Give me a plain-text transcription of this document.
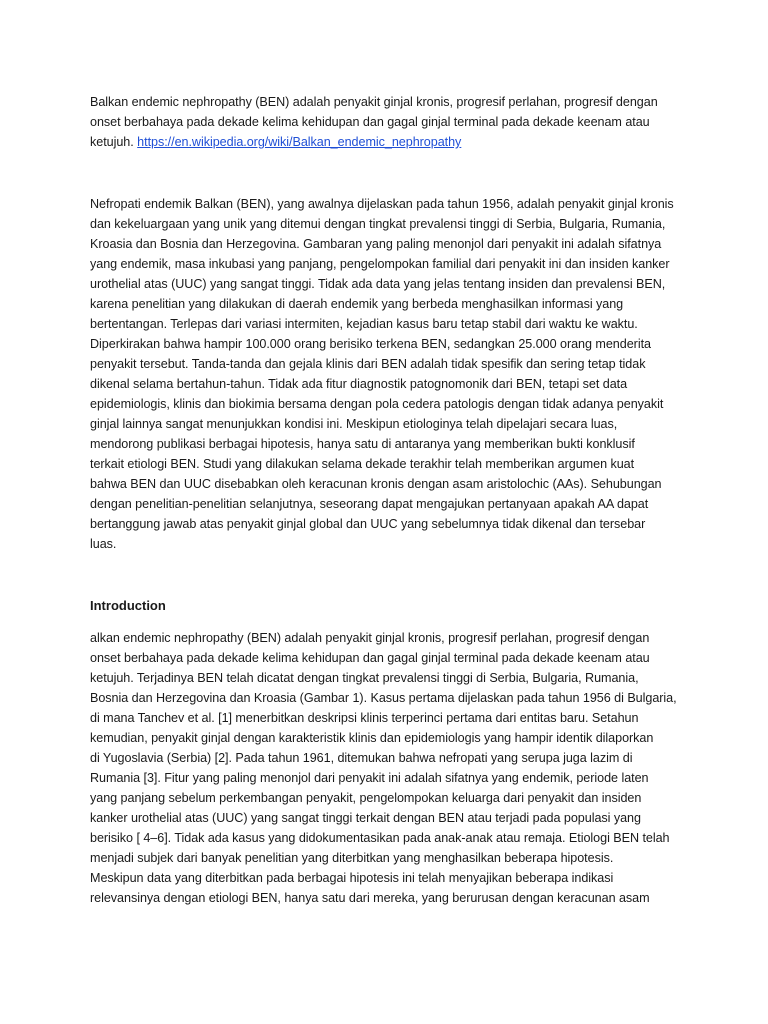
Balkan endemic nephropathy (BEN) adalah penyakit ginjal kronis, progresif perlahan, progresif dengan
onset berbahaya pada dekade kelima kehidupan dan gagal ginjal terminal pada dekade keenam atau
ketujuh. https://en.wikipedia.org/wiki/Balkan_endemic_nephropathy

Nefropati endemik Balkan (BEN), yang awalnya dijelaskan pada tahun 1956, adalah penyakit ginjal kronis
dan kekeluargaan yang unik yang ditemui dengan tingkat prevalensi tinggi di Serbia, Bulgaria, Rumania,
Kroasia dan Bosnia dan Herzegovina. Gambaran yang paling menonjol dari penyakit ini adalah sifatnya
yang endemik, masa inkubasi yang panjang, pengelompokan familial dari penyakit ini dan insiden kanker
urothelial atas (UUC) yang sangat tinggi. Tidak ada data yang jelas tentang insiden dan prevalensi BEN,
karena penelitian yang dilakukan di daerah endemik yang berbeda menghasilkan informasi yang
bertentangan. Terlepas dari variasi intermiten, kejadian kasus baru tetap stabil dari waktu ke waktu.
Diperkirakan bahwa hampir 100.000 orang berisiko terkena BEN, sedangkan 25.000 orang menderita
penyakit tersebut. Tanda-tanda dan gejala klinis dari BEN adalah tidak spesifik dan sering tetap tidak
dikenal selama bertahun-tahun. Tidak ada fitur diagnostik patognomonik dari BEN, tetapi set data
epidemiologis, klinis dan biokimia bersama dengan pola cedera patologis dengan tidak adanya penyakit
ginjal lainnya sangat menunjukkan kondisi ini. Meskipun etiologinya telah dipelajari secara luas,
mendorong publikasi berbagai hipotesis, hanya satu di antaranya yang memberikan bukti konklusif
terkait etiologi BEN. Studi yang dilakukan selama dekade terakhir telah memberikan argumen kuat
bahwa BEN dan UUC disebabkan oleh keracunan kronis dengan asam aristolochic (AAs). Sehubungan
dengan penelitian-penelitian selanjutnya, seseorang dapat mengajukan pertanyaan apakah AA dapat
bertanggung jawab atas penyakit ginjal global dan UUC yang sebelumnya tidak dikenal dan tersebar
luas.

Introduction

alkan endemic nephropathy (BEN) adalah penyakit ginjal kronis, progresif perlahan, progresif dengan
onset berbahaya pada dekade kelima kehidupan dan gagal ginjal terminal pada dekade keenam atau
ketujuh. Terjadinya BEN telah dicatat dengan tingkat prevalensi tinggi di Serbia, Bulgaria, Rumania,
Bosnia dan Herzegovina dan Kroasia (Gambar 1). Kasus pertama dijelaskan pada tahun 1956 di Bulgaria,
di mana Tanchev et al. [1] menerbitkan deskripsi klinis terperinci pertama dari entitas baru. Setahun
kemudian, penyakit ginjal dengan karakteristik klinis dan epidemiologis yang hampir identik dilaporkan
di Yugoslavia (Serbia) [2]. Pada tahun 1961, ditemukan bahwa nefropati yang serupa juga lazim di
Rumania [3]. Fitur yang paling menonjol dari penyakit ini adalah sifatnya yang endemik, periode laten
yang panjang sebelum perkembangan penyakit, pengelompokan keluarga dari penyakit dan insiden
kanker urothelial atas (UUC) yang sangat tinggi terkait dengan BEN atau terjadi pada populasi yang
berisiko [ 4–6]. Tidak ada kasus yang didokumentasikan pada anak-anak atau remaja. Etiologi BEN telah
menjadi subjek dari banyak penelitian yang diterbitkan yang menghasilkan beberapa hipotesis.
Meskipun data yang diterbitkan pada berbagai hipotesis ini telah menyajikan beberapa indikasi
relevansinya dengan etiologi BEN, hanya satu dari mereka, yang berurusan dengan keracunan asam
